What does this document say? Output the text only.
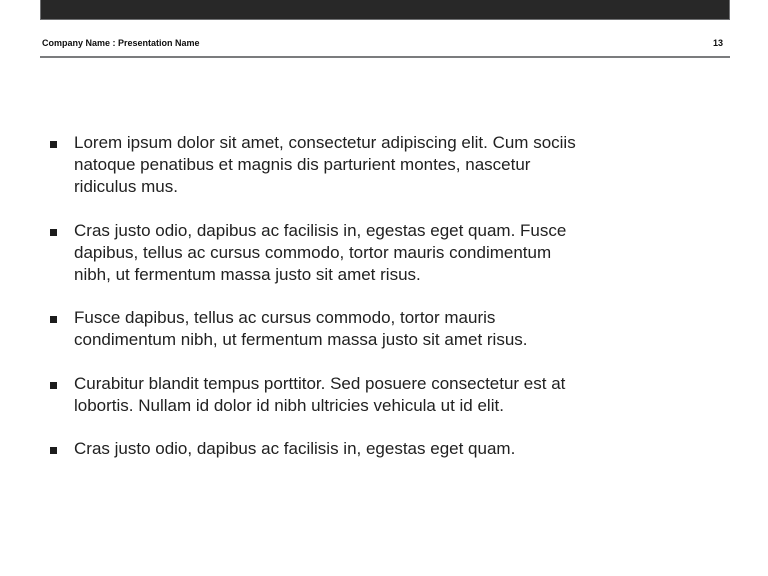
Company Name : Presentation Name	13
Lorem ipsum dolor sit amet, consectetur adipiscing elit. Cum sociis
natoque penatibus et magnis dis parturient montes, nascetur
ridiculus mus.
Cras justo odio, dapibus ac facilisis in, egestas eget quam. Fusce
dapibus, tellus ac cursus commodo, tortor mauris condimentum
nibh, ut fermentum massa justo sit amet risus.
Fusce dapibus, tellus ac cursus commodo, tortor mauris
condimentum nibh, ut fermentum massa justo sit amet risus.
Curabitur blandit tempus porttitor. Sed posuere consectetur est at
lobortis. Nullam id dolor id nibh ultricies vehicula ut id elit.
Cras justo odio, dapibus ac facilisis in, egestas eget quam.
